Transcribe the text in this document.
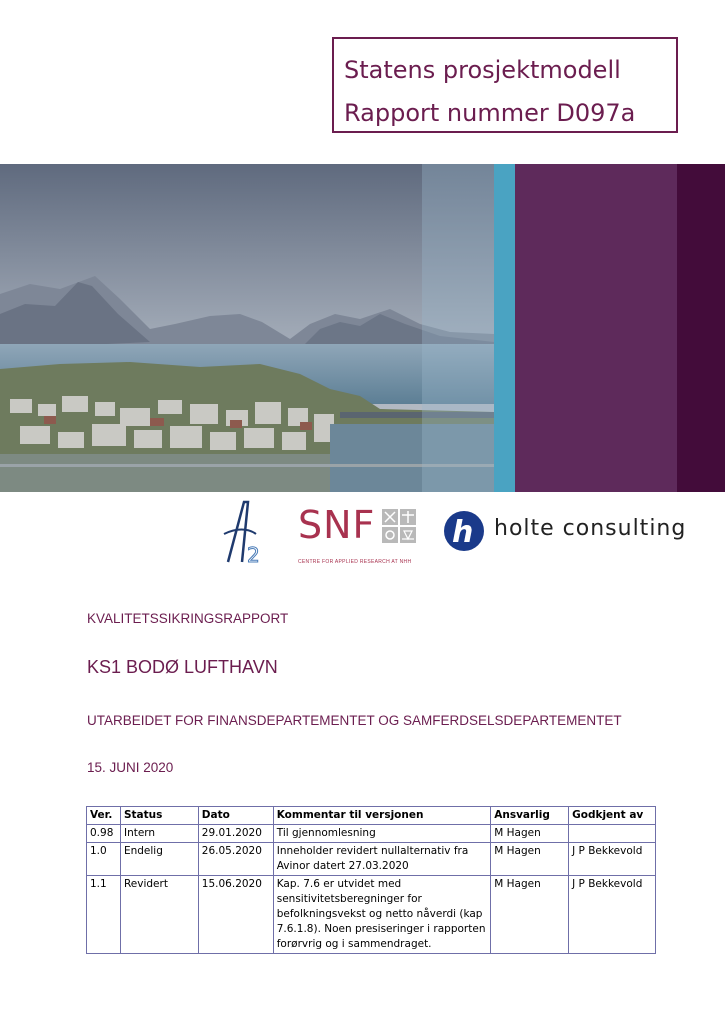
Statens prosjektmodell
Rapport nummer D097a
2
SNF
CENTRE FOR APPLIED RESEARCH AT NHH
h holte consulting
KVALITETSSIKRINGSRAPPORT
KS1 BODØ LUFTHAVN
UTARBEIDET FOR FINANSDEPARTEMENTET OG SAMFERDSELSDEPARTEMENTET
15. JUNI 2020
Ver.	Status	Dato	Kommentar til versjonen	Ansvarlig	Godkjent av
0.98	Intern	29.01.2020	Til gjennomlesning	M Hagen	
1.0	Endelig	26.05.2020	Inneholder revidert nullalternativ fra Avinor datert 27.03.2020	M Hagen	J P Bekkevold
1.1	Revidert	15.06.2020	Kap. 7.6 er utvidet med sensitivitetsberegninger for befolkningsvekst og netto nåverdi (kap 7.6.1.8). Noen presiseringer i rapporten forørvrig og i sammendraget.	M Hagen	J P Bekkevold
